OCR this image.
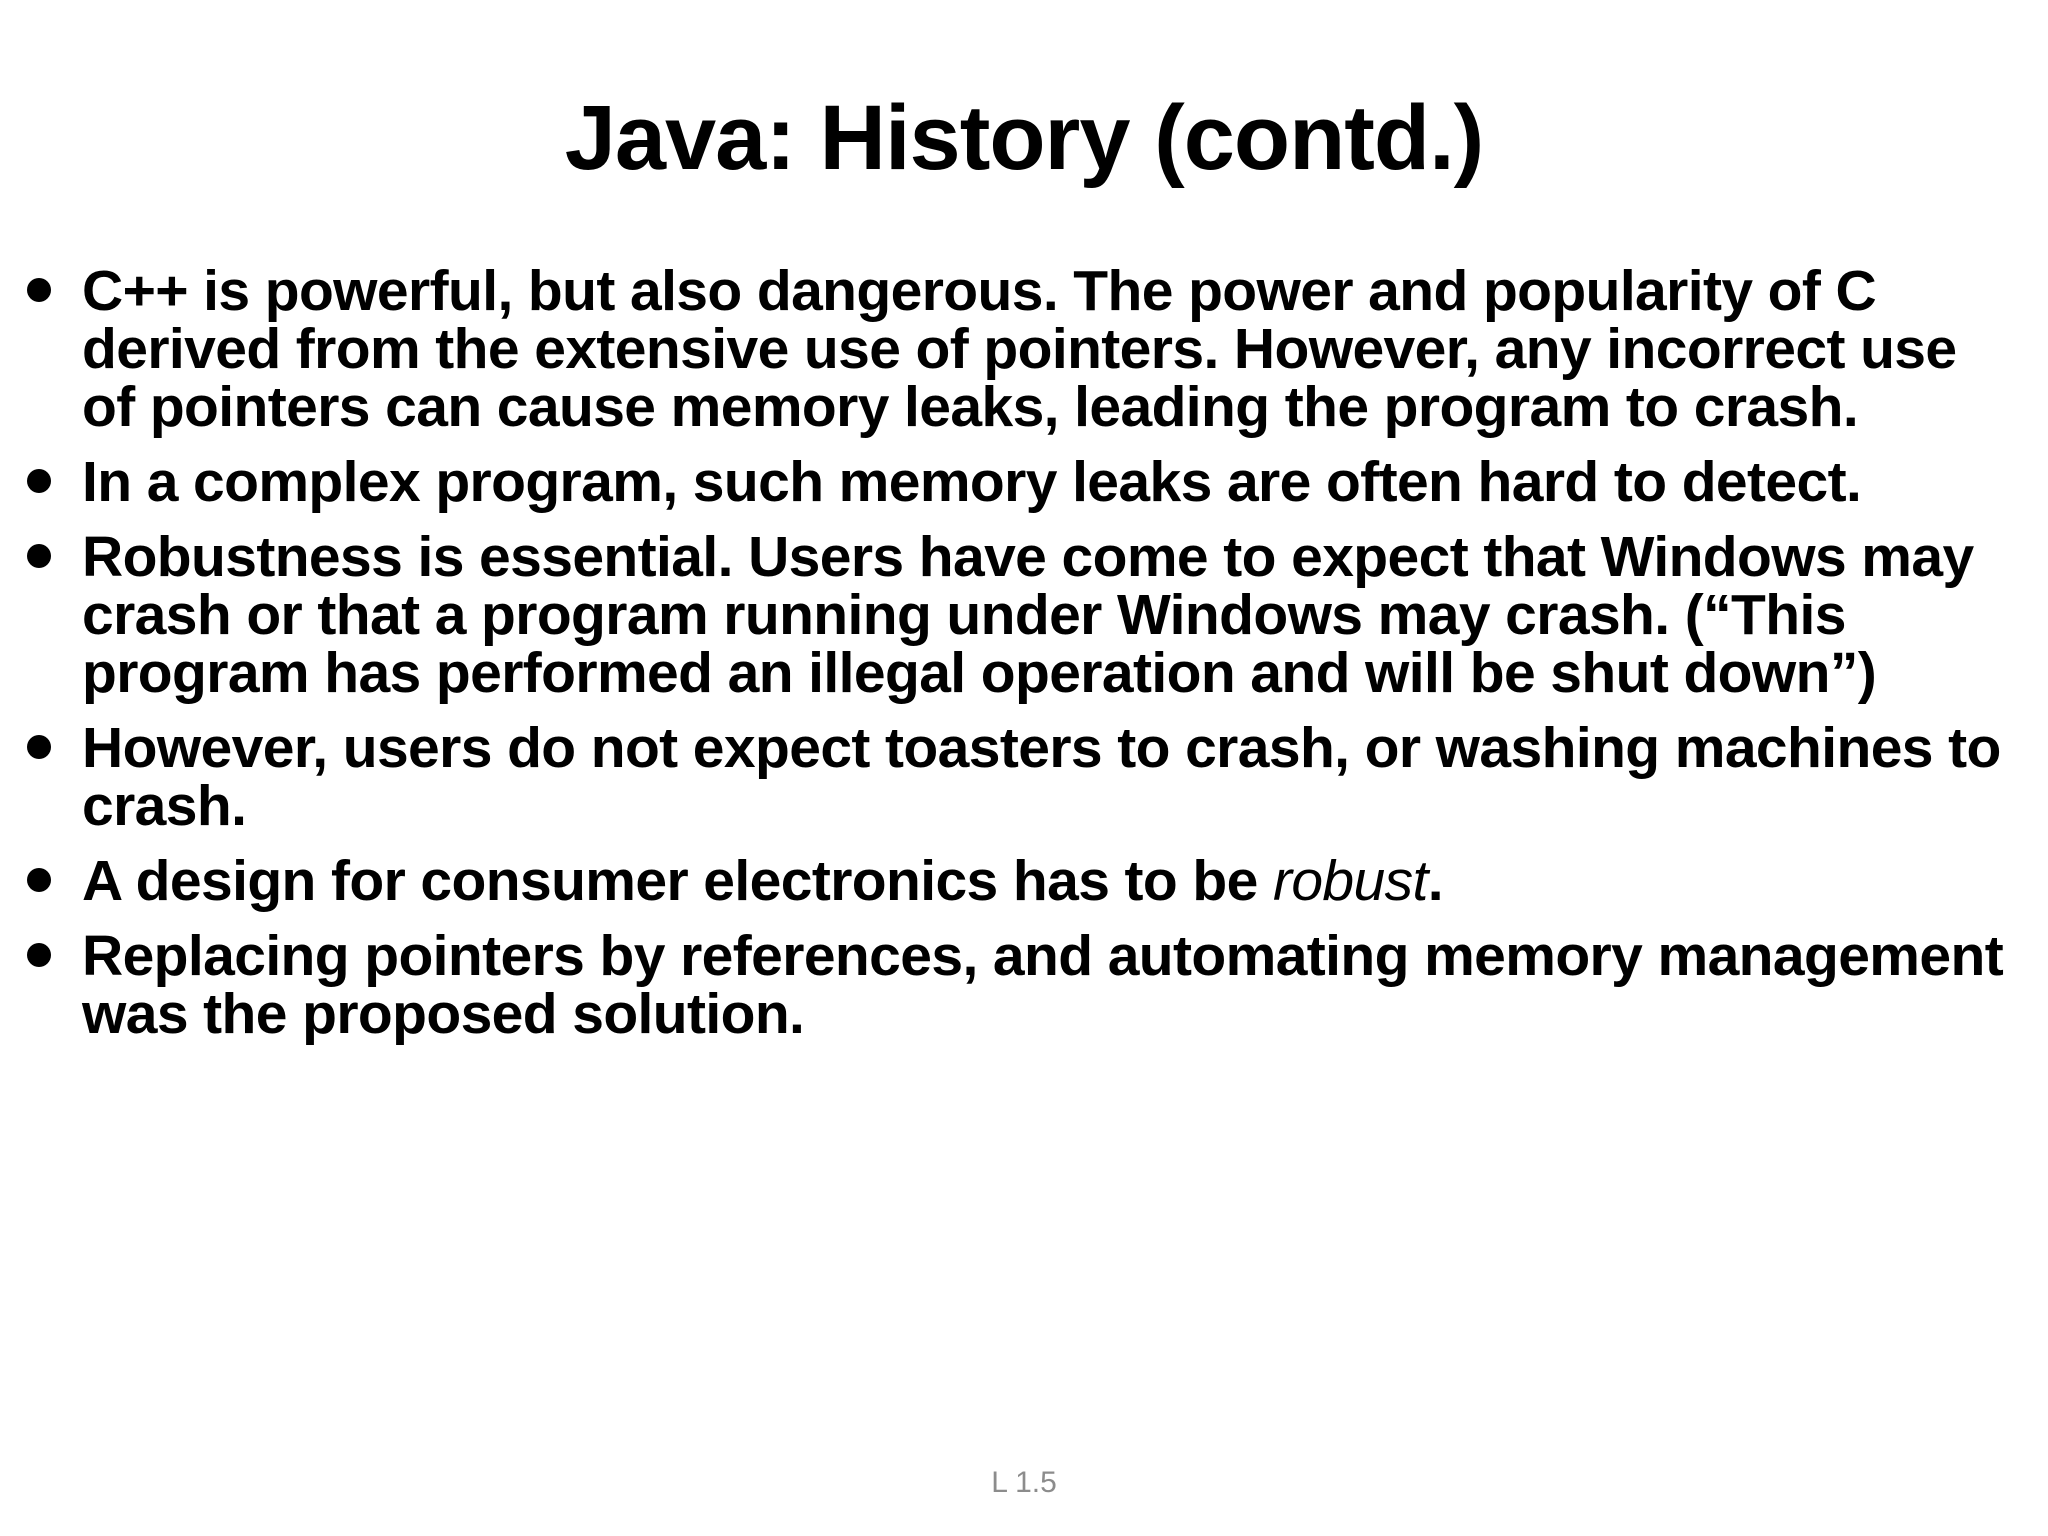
Java: History (contd.)
C++ is powerful, but also dangerous. The power and popularity of C derived from the extensive use of pointers. However, any incorrect use of pointers can cause memory leaks, leading the program to crash.
In a complex program, such memory leaks are often hard to detect.
Robustness is essential. Users have come to expect that Windows may crash or that a program running under Windows may crash. (“This program has performed an illegal operation and will be shut down”)
However, users do not expect toasters to crash, or washing machines to crash.
A design for consumer electronics has to be robust.
Replacing pointers by references, and automating memory management was the proposed solution.
L 1.5
